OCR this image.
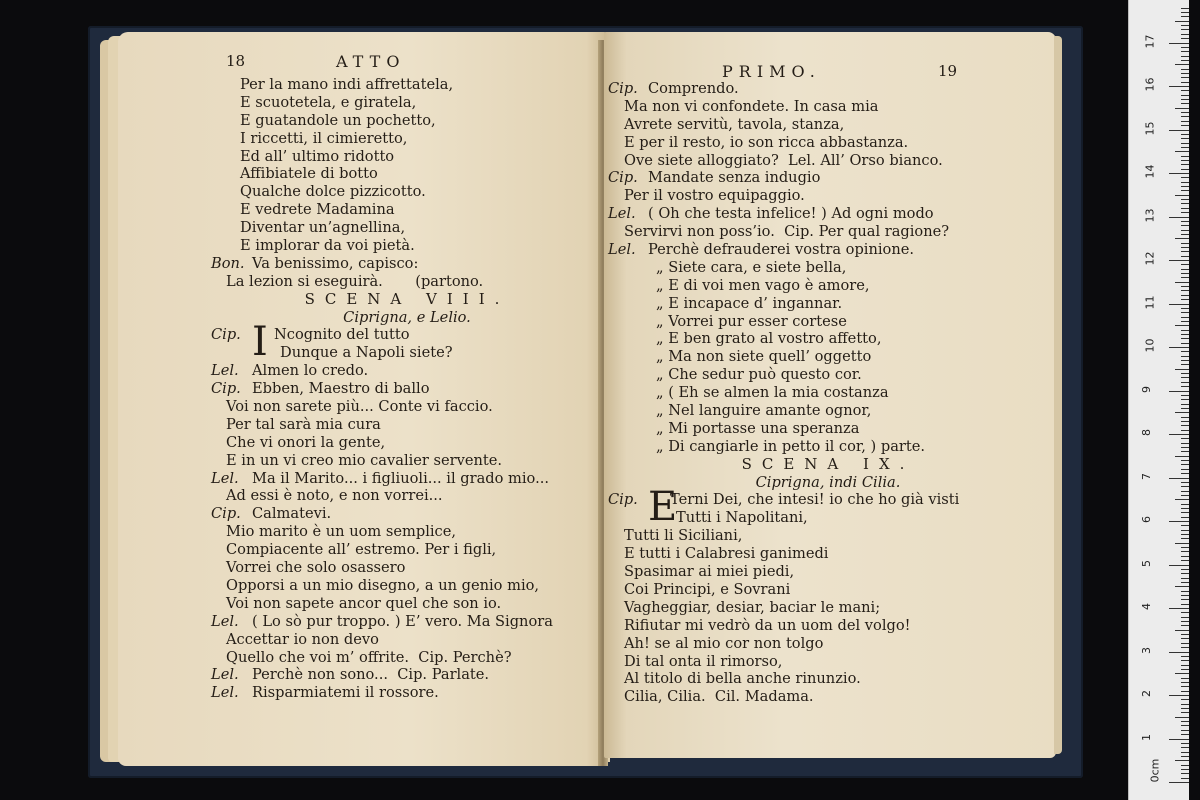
18	ATTO
Per la mano indi affrettatela,
E scuotetela, e giratela,
E guatandole un pochetto,
I riccetti, il cimieretto,
Ed all’ ultimo ridotto
Affibiatele di botto
Qualche dolce pizzicotto.
E vedrete Madamina
Diventar un’agnellina,
E implorar da voi pietà.
Bon. Va benissimo, capisco:
La lezion si eseguirà.       (partono.
SCENA VIII.
Ciprigna, e Lelio.
Cip. I Ncognito del tutto
Dunque a Napoli siete?
Lel. Almen lo credo.
Cip. Ebben, Maestro di ballo
Voi non sarete più... Conte vi faccio.
Per tal sarà mia cura
Che vi onori la gente,
E in un vi creo mio cavalier servente.
Lel. Ma il Marito... i figliuoli... il grado mio...
Ad essi è noto, e non vorrei...
Cip. Calmatevi.
Mio marito è un uom semplice,
Compiacente all’ estremo. Per i figli,
Vorrei che solo osassero
Opporsi a un mio disegno, a un genio mio,
Voi non sapete ancor quel che son io.
Lel. ( Lo sò pur troppo. ) E’ vero. Ma Signora
Accettar io non devo
Quello che voi m’ offrite.  Cip. Perchè?
Lel. Perchè non sono...  Cip. Parlate.
Lel. Risparmiatemi il rossore.
PRIMO.	19
Cip. Comprendo.
Ma non vi confondete. In casa mia
Avrete servitù, tavola, stanza,
E per il resto, io son ricca abbastanza.
Ove siete alloggiato?  Lel. All’ Orso bianco.
Cip. Mandate senza indugio
Per il vostro equipaggio.
Lel. ( Oh che testa infelice! ) Ad ogni modo
Servirvi non poss’io.  Cip. Per qual ragione?
Lel. Perchè defrauderei vostra opinione.
„ Siete cara, e siete bella,
„ E di voi men vago è amore,
„ E incapace d’ ingannar.
„ Vorrei pur esser cortese
„ E ben grato al vostro affetto,
„ Ma non siete quell’ oggetto
„ Che sedur può questo cor.
„ ( Eh se almen la mia costanza
„ Nel languire amante ognor,
„ Mi portasse una speranza
„ Di cangiarle in petto il cor, ) parte.
SCENA IX.
Ciprigna, indi Cilia.
Cip. E
Terni Dei, che intesi! io che ho già visti
Tutti i Napolitani,
Tutti li Siciliani,
E tutti i Calabresi ganimedi
Spasimar ai miei piedi,
Coi Principi, e Sovrani
Vagheggiar, desiar, baciar le mani;
Rifiutar mi vedrò da un uom del volgo!
Ah! se al mio cor non tolgo
Di tal onta il rimorso,
Al titolo di bella anche rinunzio.
Cilia, Cilia.  Cil. Madama.
0cm
1
2
3
4
5
6
7
8
9
10
11
12
13
14
15
16
17
